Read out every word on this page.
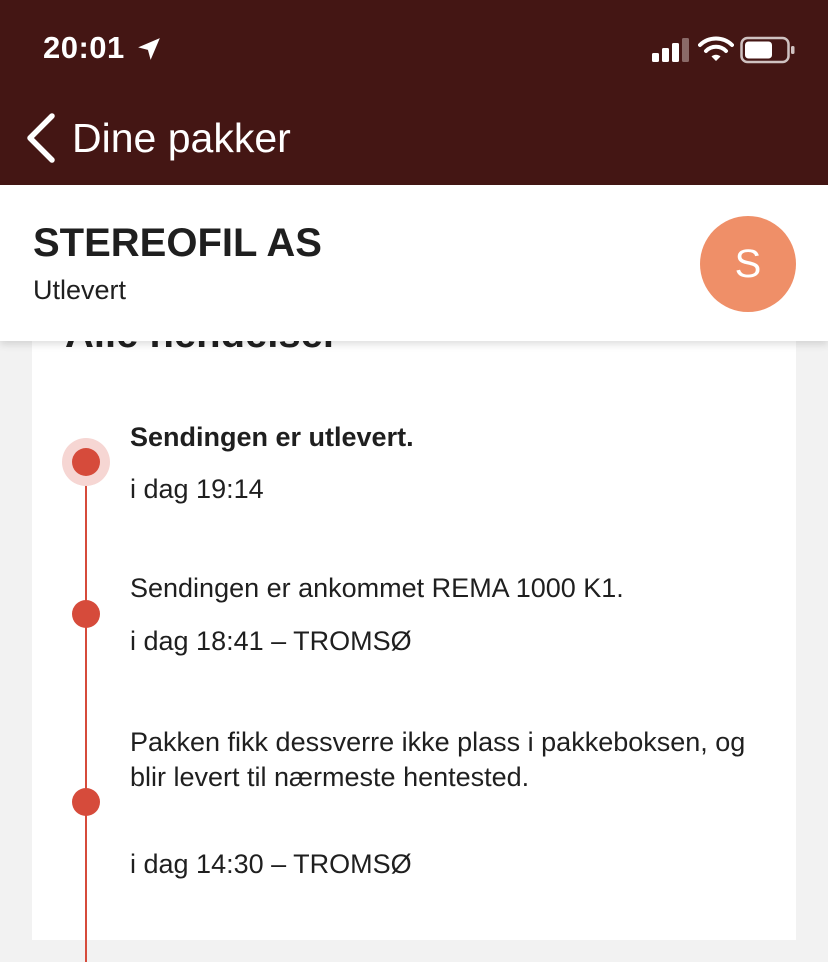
20:01
Dine pakker
Sendingen er utlevert.
i dag 19:14
Sendingen er ankommet REMA 1000 K1.
i dag 18:41 – TROMSØ
Pakken fikk dessverre ikke plass i pakkeboksen, og blir levert til nærmeste hentested.
i dag 14:30 – TROMSØ
STEREOFIL AS
Utlevert
S
